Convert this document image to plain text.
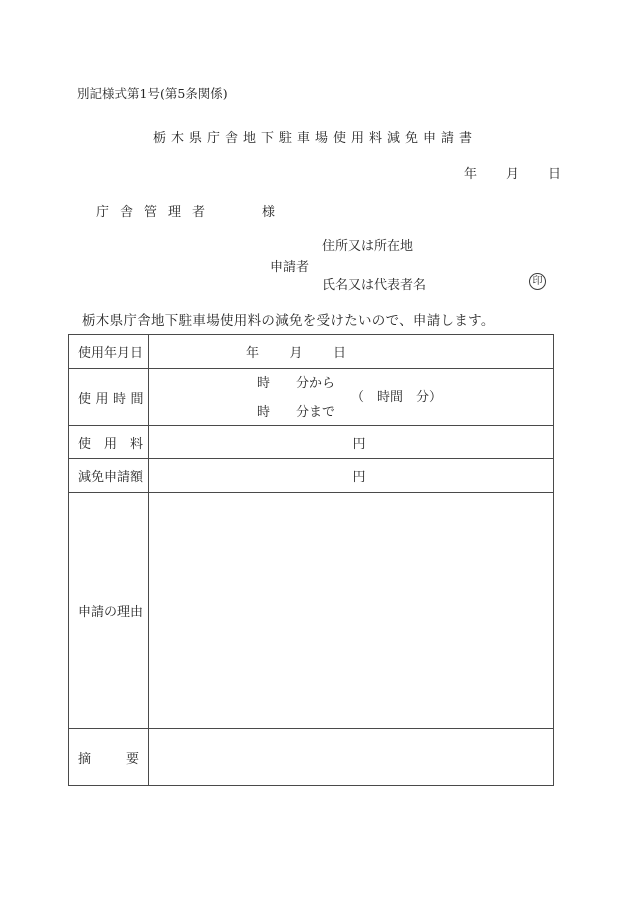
別記様式第1号(第5条関係)
栃木県庁舎地下駐車場使用料減免申請書
年 月 日
庁舎管理者	様
申請者
住所又は所在地
氏名又は代表者名	印
栃木県庁舎地下駐車場使用料の減免を受けたいので、申請します。
使用年月日	年　　月　　日
使用時間	時　　分から
（　時間　分）
時　　分まで

使用料	円
減免申請額	円
申請の理由	
摘要	
